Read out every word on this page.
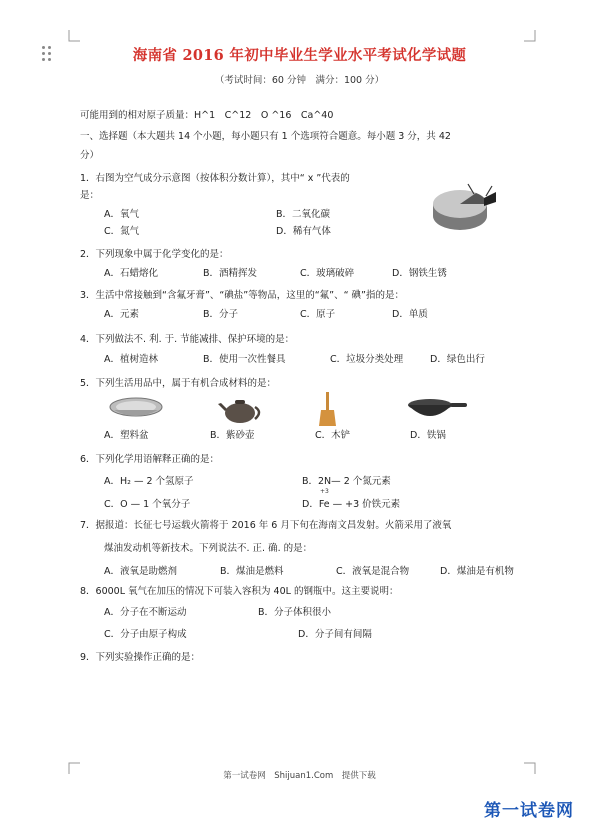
海南省 2016 年初中毕业生学业水平考试化学试题
（考试时间：60 分钟　满分：100 分）
可能用到的相对原子质量：H^1　C^12　O ^16　Ca^40
一、选择题（本大题共 14 个小题，每小题只有 1 个选项符合题意。每小题 3 分，共 42
分）
1．右图为空气成分示意图（按体积分数计算），其中“ x ”代表的
是：
A．氧气	B．二氧化碳
C．氮气	D．稀有气体
2．下列现象中属于化学变化的是：
A．石蜡熔化	B．酒精挥发	C．玻璃破碎	D．钢铁生锈
3．生活中常接触到“含氟牙膏”、“碘盐”等物品，这里的“氟”、“ 碘”指的是：
A．元素	B．分子	C．原子	D．单质
4．下列做法不. 利. 于. 节能减排、保护环境的是：
A．植树造林	B．使用一次性餐具	C．垃圾分类处理	D．绿色出行
5．下列生活用品中，属于有机合成材料的是：
A．塑料盆	B．紫砂壶	C．木铲	D．铁锅
6．下列化学用语解释正确的是：
A．H₂ — 2 个氢原子	B．2N— 2 个氮元素
C．O — 1 个氧分子
+3
D．Fe — +3 价铁元素
7．据报道：长征七号运载火箭将于 2016 年 6 月下旬在海南文昌发射。火箭采用了液氧
煤油发动机等新技术。下列说法不. 正. 确. 的是：
A．液氧是助燃剂	B．煤油是燃料	C．液氧是混合物	D．煤油是有机物
8．6000L 氧气在加压的情况下可装入容积为 40L 的钢瓶中。这主要说明：
A．分子在不断运动	B．分子体积很小
C．分子由原子构成	D．分子间有间隔
9．下列实验操作正确的是：
第一试卷网　Shijuan1.Com　提供下载
第一试卷网
